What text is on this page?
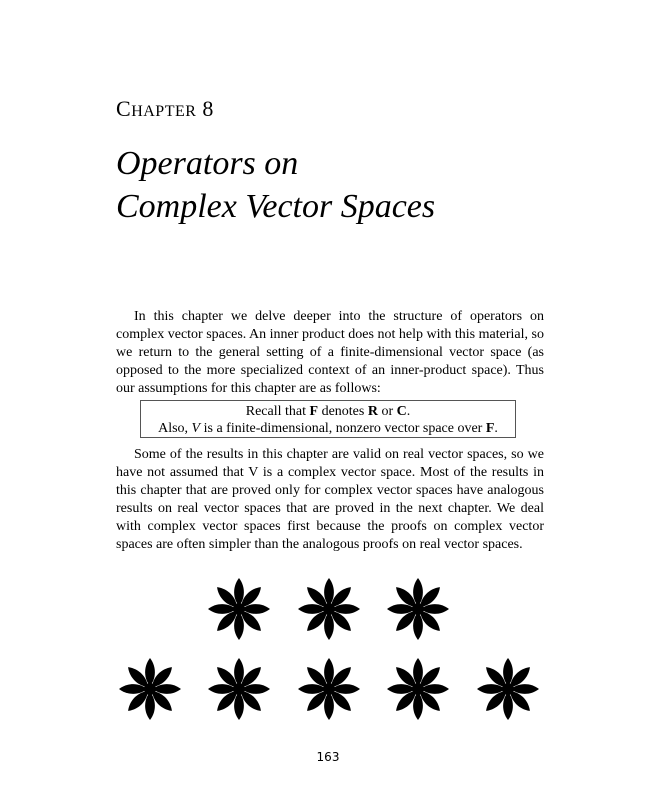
CHAPTER 8
Operators on
Complex Vector Spaces

In this chapter we delve deeper into the structure of operators on complex vector spaces. An inner product does not help with this material, so we return to the general setting of a finite-dimensional vector space (as opposed to the more specialized context of an inner-product space). Thus our assumptions for this chapter are as follows:

Recall that F denotes R or C.
Also, V is a finite-dimensional, nonzero vector space over F.

Some of the results in this chapter are valid on real vector spaces, so we have not assumed that V is a complex vector space. Most of the results in this chapter that are proved only for complex vector spaces have analogous results on real vector spaces that are proved in the next chapter. We deal with complex vector spaces first because the proofs on complex vector spaces are often simpler than the analogous proofs on real vector spaces.

163
